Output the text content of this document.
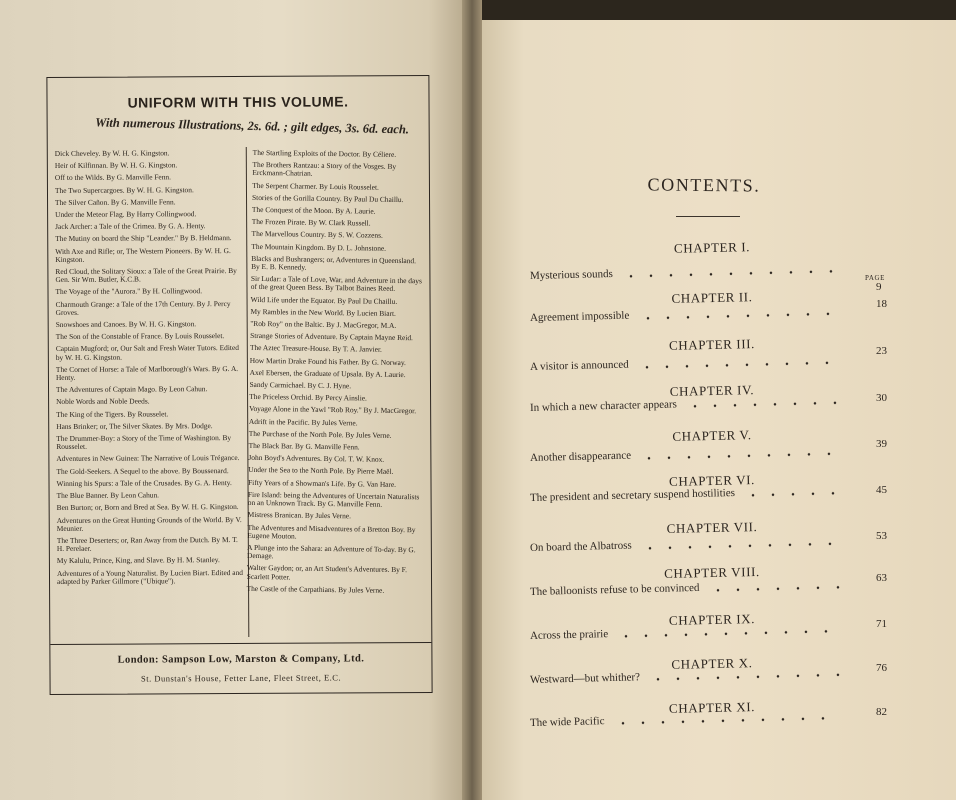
UNIFORM WITH THIS VOLUME.
With numerous Illustrations, 2s. 6d. ; gilt edges, 3s. 6d. each.
Dick Cheveley. By W. H. G. Kingston.
Heir of Kilfinnan. By W. H. G. Kingston.
Off to the Wilds. By G. Manville Fenn.
The Two Supercargoes. By W. H. G. Kingston.
The Silver Cañon. By G. Manville Fenn.
Under the Meteor Flag. By Harry Collingwood.
Jack Archer: a Tale of the Crimea. By G. A. Henty.
The Mutiny on board the Ship "Leander." By B. Heldmann.
With Axe and Rifle; or, The Western Pioneers. By W. H. G. Kingston.
Red Cloud, the Solitary Sioux: a Tale of the Great Prairie. By Gen. Sir Wm. Butler, K.C.B.
The Voyage of the "Aurora." By H. Collingwood.
Charmouth Grange: a Tale of the 17th Century. By J. Percy Groves.
Snowshoes and Canoes. By W. H. G. Kingston.
The Son of the Constable of France. By Louis Rousselet.
Captain Mugford; or, Our Salt and Fresh Water Tutors. Edited by W. H. G. Kingston.
The Cornet of Horse: a Tale of Marlborough's Wars. By G. A. Henty.
The Adventures of Captain Mago. By Leon Cahun.
Noble Words and Noble Deeds.
The King of the Tigers. By Rousselet.
Hans Brinker; or, The Silver Skates. By Mrs. Dodge.
The Drummer-Boy: a Story of the Time of Washington. By Rousselet.
Adventures in New Guinea: The Narrative of Louis Trégance.
The Gold-Seekers. A Sequel to the above. By Boussenard.
Winning his Spurs: a Tale of the Crusades. By G. A. Henty.
The Blue Banner. By Leon Cahun.
Ben Burton; or, Born and Bred at Sea. By W. H. G. Kingston.
Adventures on the Great Hunting Grounds of the World. By V. Meunier.
The Three Deserters; or, Ran Away from the Dutch. By M. T. H. Perelaer.
My Kalulu, Prince, King, and Slave. By H. M. Stanley.
Adventures of a Young Naturalist. By Lucien Biart. Edited and adapted by Parker Gillmore ("Ubique").
The Startling Exploits of the Doctor. By Céliere.
The Brothers Rantzau: a Story of the Vosges. By Erckmann-Chatrian.
The Serpent Charmer. By Louis Rousselet.
Stories of the Gorilla Country. By Paul Du Chaillu.
The Conquest of the Moon. By A. Laurie.
The Frozen Pirate. By W. Clark Russell.
The Marvellous Country. By S. W. Cozzens.
The Mountain Kingdom. By D. L. Johnstone.
Blacks and Bushrangers; or, Adventures in Queensland. By E. B. Kennedy.
Sir Ludar: a Tale of Love, War, and Adventure in the days of the great Queen Bess. By Talbot Baines Reed.
Wild Life under the Equator. By Paul Du Chaillu.
My Rambles in the New World. By Lucien Biart.
"Rob Roy" on the Baltic. By J. MacGregor, M.A.
Strange Stories of Adventure. By Captain Mayne Reid.
The Aztec Treasure-House. By T. A. Janvier.
How Martin Drake Found his Father. By G. Norway.
Axel Ebersen, the Graduate of Upsala. By A. Laurie.
Sandy Carmichael. By C. J. Hyne.
The Priceless Orchid. By Percy Ainslie.
Voyage Alone in the Yawl "Rob Roy." By J. MacGregor.
Adrift in the Pacific. By Jules Verne.
The Purchase of the North Pole. By Jules Verne.
The Black Bar. By G. Manville Fenn.
John Boyd's Adventures. By Col. T. W. Knox.
Under the Sea to the North Pole. By Pierre Maël.
Fifty Years of a Showman's Life. By G. Van Hare.
Fire Island: being the Adventures of Uncertain Naturalists on an Unknown Track. By G. Manville Fenn.
Mistress Branican. By Jules Verne.
The Adventures and Misadventures of a Bretton Boy. By Eugene Mouton.
A Plunge into the Sahara: an Adventure of To-day. By G. Demage.
Walter Gaydon; or, an Art Student's Adventures. By F. Scarlett Potter.
The Castle of the Carpathians. By Jules Verne.
London: Sampson Low, Marston & Company, Ltd.
St. Dunstan's House, Fetter Lane, Fleet Street, E.C.
CONTENTS.
PAGE
CHAPTER I.
Mysterious sounds
9
CHAPTER II.
Agreement impossible
18
CHAPTER III.
A visitor is announced
23
CHAPTER IV.
In which a new character appears
30
CHAPTER V.
Another disappearance
39
CHAPTER VI.
The president and secretary suspend hostilities	45
CHAPTER VII.
On board the Albatross
53
CHAPTER VIII.
The balloonists refuse to be convinced
63
CHAPTER IX.
Across the prairie
71
CHAPTER X.
Westward—but whither?
76
CHAPTER XI.
The wide Pacific
82
